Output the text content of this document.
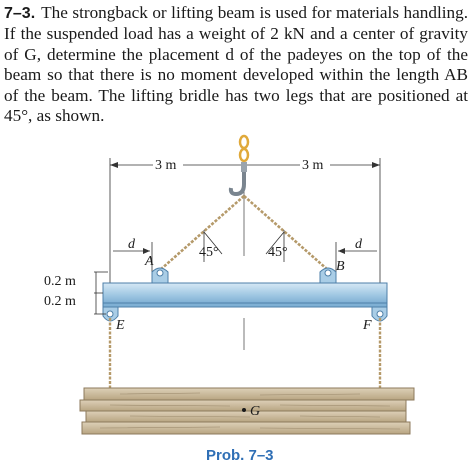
7–3. The strongback or lifting beam is used for materials handling. If the suspended load has a weight of 2 kN and a center of gravity of G, determine the placement d of the padeyes on the top of the beam so that there is no moment developed within the length AB of the beam. The lifting bridle has two legs that are positioned at 45°, as shown.
3 m	3 m
45°	45°
d	d
A	B
E	F
0.2 m
0.2 m
G
Prob. 7–3
